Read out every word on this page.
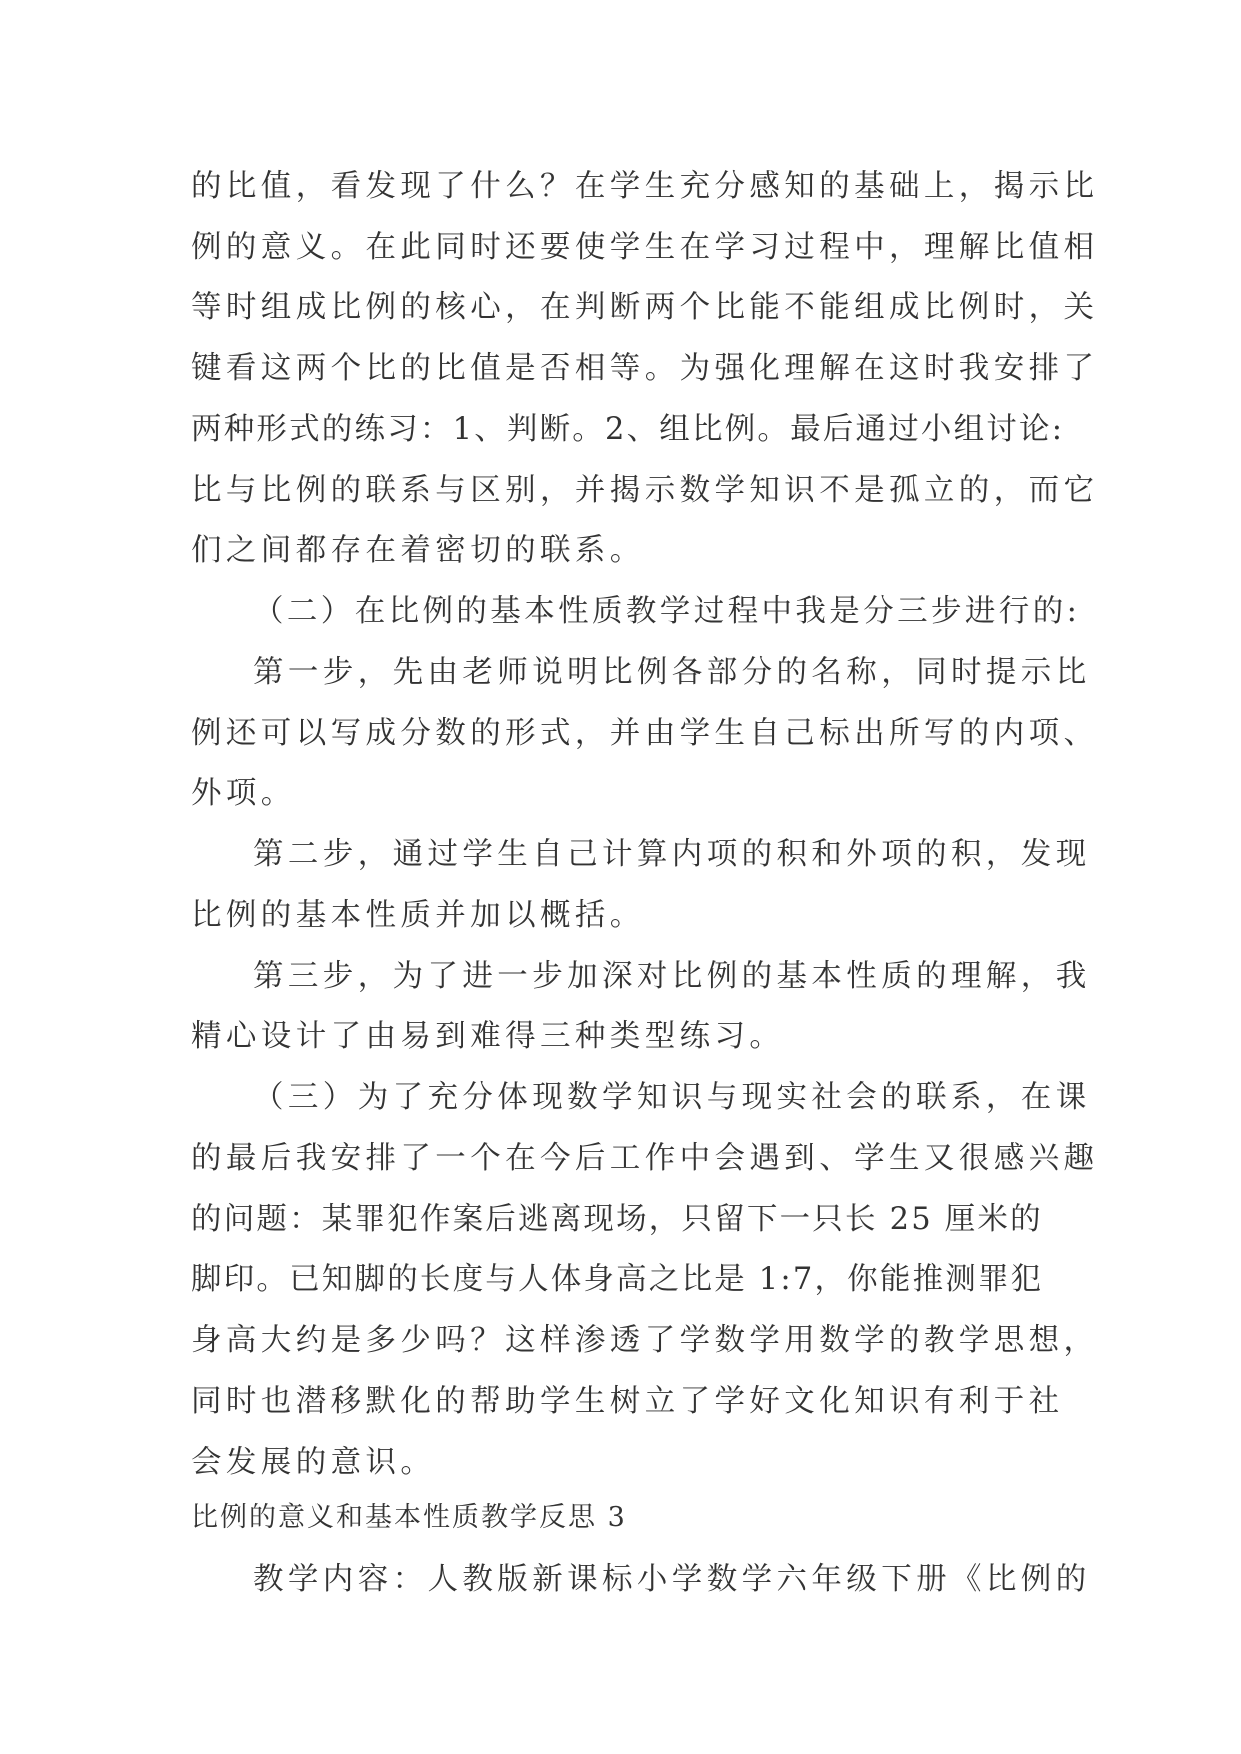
的比值，看发现了什么？在学生充分感知的基础上，揭示比
例的意义。在此同时还要使学生在学习过程中，理解比值相
等时组成比例的核心，在判断两个比能不能组成比例时，关
键看这两个比的比值是否相等。为强化理解在这时我安排了
两种形式的练习：1、判断。2、组比例。最后通过小组讨论:
比与比例的联系与区别，并揭示数学知识不是孤立的，而它
们之间都存在着密切的联系。
（二）在比例的基本性质教学过程中我是分三步进行的:
第一步，先由老师说明比例各部分的名称，同时提示比
例还可以写成分数的形式，并由学生自己标出所写的内项、
外项。
第二步，通过学生自己计算内项的积和外项的积，发现
比例的基本性质并加以概括。
第三步，为了进一步加深对比例的基本性质的理解，我
精心设计了由易到难得三种类型练习。
（三）为了充分体现数学知识与现实社会的联系，在课
的最后我安排了一个在今后工作中会遇到、学生又很感兴趣
的问题：某罪犯作案后逃离现场，只留下一只长 25 厘米的
脚印。已知脚的长度与人体身高之比是 1:7，你能推测罪犯
身高大约是多少吗？这样渗透了学数学用数学的教学思想，
同时也潜移默化的帮助学生树立了学好文化知识有利于社
会发展的意识。
比例的意义和基本性质教学反思 3
教学内容：人教版新课标小学数学六年级下册《比例的
